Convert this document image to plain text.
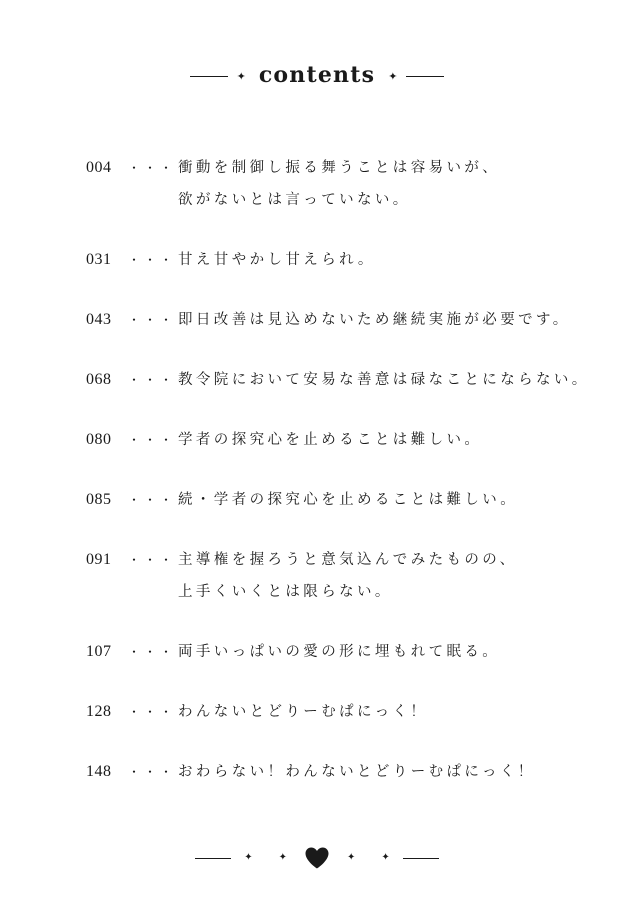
✦ contents ✦
004	・・・ 衝動を制御し振る舞うことは容易いが、
欲がないとは言っていない。
031	・・・ 甘え甘やかし甘えられ。
043	・・・ 即日改善は見込めないため継続実施が必要です。
068	・・・ 教令院において安易な善意は碌なことにならない。
080	・・・ 学者の探究心を止めることは難しい。
085	・・・ 続・学者の探究心を止めることは難しい。
091	・・・ 主導権を握ろうと意気込んでみたものの、
上手くいくとは限らない。
107	・・・ 両手いっぱいの愛の形に埋もれて眠る。
128	・・・ わんないとどりーむぱにっく！
148	・・・ おわらない！わんないとどりーむぱにっく！
✦	✦	✦	✦
